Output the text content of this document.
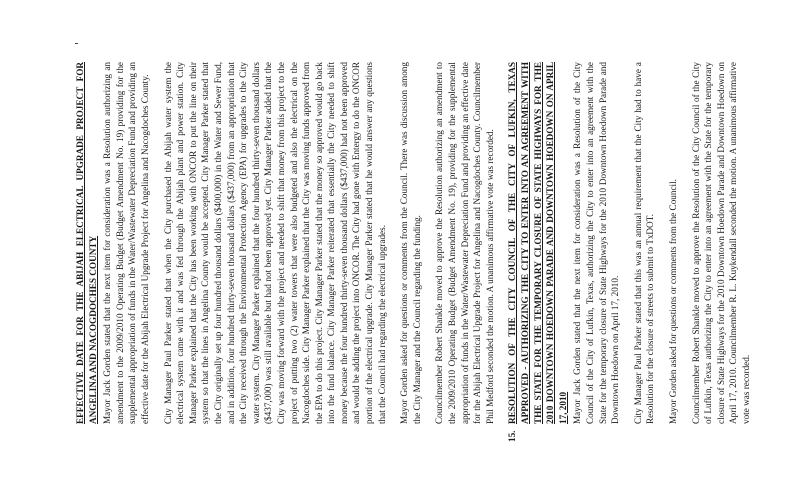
EFFECTIVE DATE FOR THE ABIJAH ELECTRICAL UPGRADE PROJECT FOR ANGELINA AND NACOGDOCHES COUNTY Mayor Jack Gorden stated that the next item for consideration was a Resolution authorizing an amendment to the 2009/2010 Operating Budget (Budget Amendment No. 19) providing for the supplemental appropriation of funds in the Water/Wastewater Depreciation Fund and providing an effective date for the Abijah Electrical Upgrade Project for Angelina and Nacogdoches County. City Manager Paul Parker stated that when the City purchased the Abijah water system the electrical system came with it and was fed through the Abijah plant and power station. City Manager Parker explained that the City has been working with ONCOR to put the line on their system so that the lines in Angelina County would be accepted. City Manager Parker stated that the City originally set up four hundred thousand dollars ($400,000) in the Water and Sewer Fund, and in addition, four hundred thirty-seven thousand dollars ($437,000) from an appropriation that the City received through the Environmental Protection Agency (EPA) for upgrades to the City water system. City Manager Parker explained that the four hundred thirty-seven thousand dollars ($437,000) was still available but had not been approved yet. City Manager Parker added that the City was moving forward with the project and needed to shift that money from this project to the project of putting two (2) water towers that were also budgeted and also the electrical on the Nacogdoches side. City Manager Parker explained that the City was moving funds approved from the EPA to do this project. City Manager Parker stated that the money so approved would go back into the fund balance. City Manager Parker reiterated that essentially the City needed to shift money because the four hundred thirty-seven thousand dollars ($437,000) had not been approved and would be adding the project into ONCOR. The City had gone with Entergy to do the ONCOR portion of the electrical upgrade. City Manager Parker stated that he would answer any questions that the Council had regarding the electrical upgrades. Mayor Gorden asked for questions or comments from the Council. There was discussion among the City Manager and the Council regarding the funding. Councilmember Robert Shankle moved to approve the Resolution authorizing an amendment to the 2009/2010 Operating Budget (Budget Amendment No. 19), providing for the supplemental appropriation of funds in the Water/Wastewater Depreciation Fund and providing an effective date for the Abijah Electrical Upgrade Project for Angelina and Nacogdoches County. Councilmember Phil Medford seconded the motion. A unanimous affirmative vote was recorded.

15.RESOLUTION OF THE CITY COUNCIL OF THE CITY OF LUFKIN, TEXAS APPROVED - AUTHORIZING THE CITY TO ENTER INTO AN AGREEMENT WITH THE STATE FOR THE TEMPORARY CLOSURE OF STATE HIGHWAYS FOR THE 2010 DOWNTOWN HOEDOWN PARADE AND DOWNTOWN HOEDOWN ON APRIL 17, 2010 Mayor Jack Gorden stated that the next item for consideration was a Resolution of the City Council of the City of Lufkin, Texas, authorizing the City to enter into an agreement with the State for the temporary closure of State Highways for the 2010 Downtown Hoedown Parade and Downtown Hoedown on April 17, 2010. City Manager Paul Parker stated that this was an annual requirement that the City had to have a Resolution for the closure of streets to submit to TxDOT. Mayor Gorden asked for questions or comments from the Council. Councilmember Robert Shankle moved to approve the Resolution of the City Council of the City of Lufkin, Texas authorizing the City to enter into an agreement with the State for the temporary closure of State Highways for the 2010 Downtown Hoedown Parade and Downtown Hoedown on April 17, 2010. Councilmember R. L. Kuykendall seconded the motion. A unanimous affirmative vote was recorded.
